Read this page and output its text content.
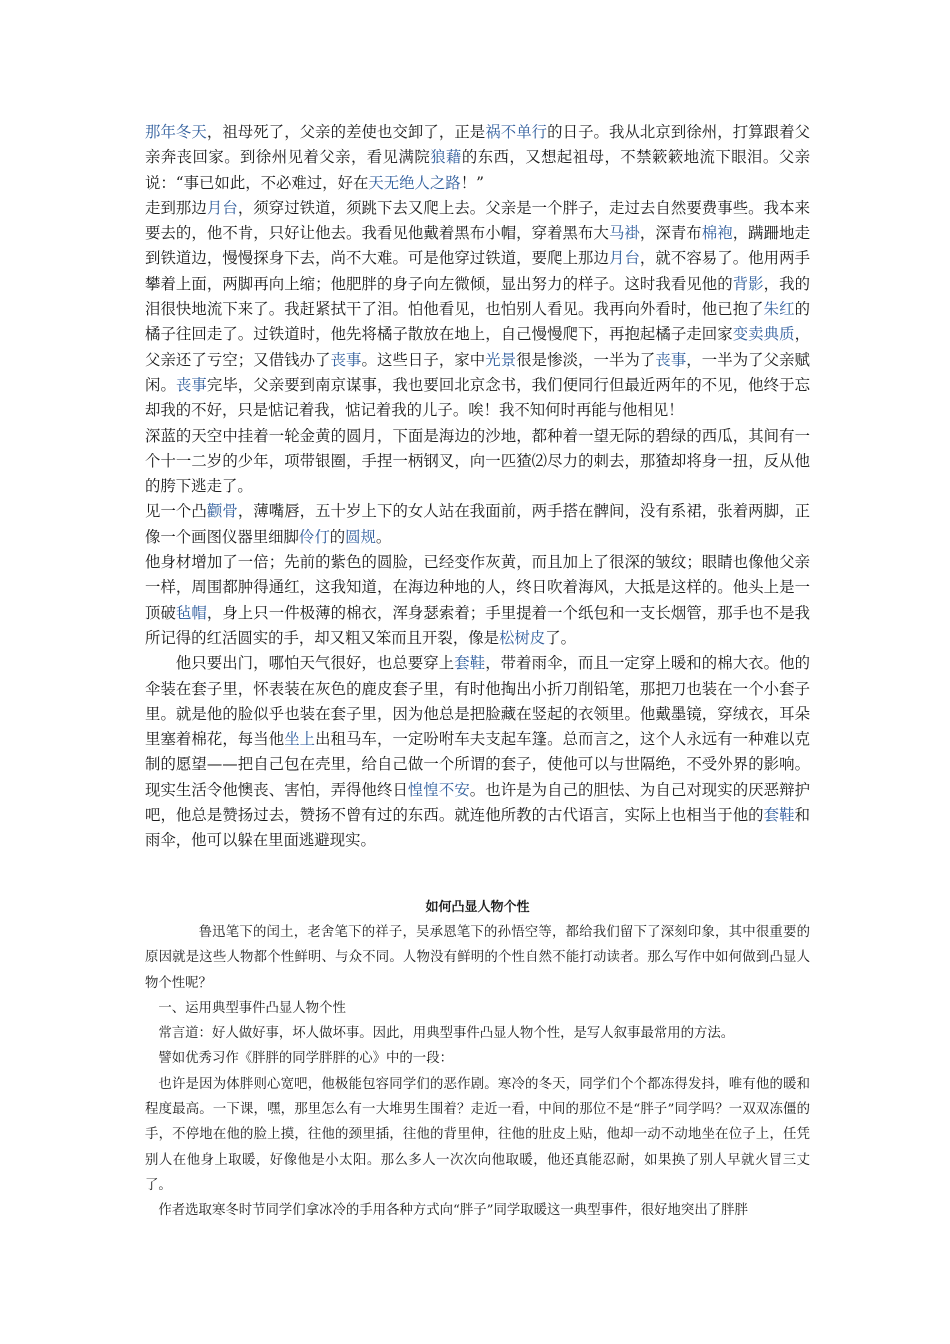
那年冬天，祖母死了，父亲的差使也交卸了，正是祸不单行的日子。我从北京到徐州，打算跟着父亲奔丧回家。到徐州见着父亲，看见满院狼藉的东西，又想起祖母，不禁簌簌地流下眼泪。父亲说：“事已如此，不必难过，好在天无绝人之路！”

走到那边月台，须穿过铁道，须跳下去又爬上去。父亲是一个胖子，走过去自然要费事些。我本来要去的，他不肯，只好让他去。我看见他戴着黑布小帽，穿着黑布大马褂，深青布棉袍，蹒跚地走到铁道边，慢慢探身下去，尚不大难。可是他穿过铁道，要爬上那边月台，就不容易了。他用两手攀着上面，两脚再向上缩；他肥胖的身子向左微倾，显出努力的样子。这时我看见他的背影，我的泪很快地流下来了。我赶紧拭干了泪。怕他看见，也怕别人看见。我再向外看时，他已抱了朱红的橘子往回走了。过铁道时，他先将橘子散放在地上，自己慢慢爬下，再抱起橘子走回家变卖典质，父亲还了亏空；又借钱办了丧事。这些日子，家中光景很是惨淡，一半为了丧事，一半为了父亲赋闲。丧事完毕，父亲要到南京谋事，我也要回北京念书，我们便同行但最近两年的不见，他终于忘却我的不好，只是惦记着我，惦记着我的儿子。唉！我不知何时再能与他相见！

深蓝的天空中挂着一轮金黄的圆月，下面是海边的沙地，都种着一望无际的碧绿的西瓜，其间有一个十一二岁的少年，项带银圈，手捏一柄钢叉，向一匹猹⑵尽力的刺去，那猹却将身一扭，反从他的胯下逃走了。

见一个凸颧骨，薄嘴唇，五十岁上下的女人站在我面前，两手搭在髀间，没有系裙，张着两脚，正像一个画图仪器里细脚伶仃的圆规。

他身材增加了一倍；先前的紫色的圆脸，已经变作灰黄，而且加上了很深的皱纹；眼睛也像他父亲一样，周围都肿得通红，这我知道，在海边种地的人，终日吹着海风，大抵是这样的。他头上是一顶破毡帽，身上只一件极薄的棉衣，浑身瑟索着；手里提着一个纸包和一支长烟管，那手也不是我所记得的红活圆实的手，却又粗又笨而且开裂，像是松树皮了。

他只要出门，哪怕天气很好，也总要穿上套鞋，带着雨伞，而且一定穿上暖和的棉大衣。他的伞装在套子里，怀表装在灰色的鹿皮套子里，有时他掏出小折刀削铅笔，那把刀也装在一个小套子里。就是他的脸似乎也装在套子里，因为他总是把脸藏在竖起的衣领里。他戴墨镜，穿绒衣，耳朵里塞着棉花，每当他坐上出租马车，一定吩咐车夫支起车篷。总而言之，这个人永远有一种难以克制的愿望——把自己包在壳里，给自己做一个所谓的套子，使他可以与世隔绝，不受外界的影响。现实生活令他懊丧、害怕，弄得他终日惶惶不安。也许是为自己的胆怯、为自己对现实的厌恶辩护吧，他总是赞扬过去，赞扬不曾有过的东西。就连他所教的古代语言，实际上也相当于他的套鞋和雨伞，他可以躲在里面逃避现实。

如何凸显人物个性

鲁迅笔下的闰土，老舍笔下的祥子，吴承恩笔下的孙悟空等，都给我们留下了深刻印象，其中很重要的原因就是这些人物都个性鲜明、与众不同。人物没有鲜明的个性自然不能打动读者。那么写作中如何做到凸显人物个性呢？

一、运用典型事件凸显人物个性

常言道：好人做好事，坏人做坏事。因此，用典型事件凸显人物个性，是写人叙事最常用的方法。

譬如优秀习作《胖胖的同学胖胖的心》中的一段：

也许是因为体胖则心宽吧，他极能包容同学们的恶作剧。寒冷的冬天，同学们个个都冻得发抖，唯有他的暖和程度最高。一下课，嘿，那里怎么有一大堆男生围着？走近一看，中间的那位不是“胖子”同学吗？一双双冻僵的手，不停地在他的脸上摸，往他的颈里插，往他的背里伸，往他的肚皮上贴，他却一动不动地坐在位子上，任凭别人在他身上取暖，好像他是小太阳。那么多人一次次向他取暖，他还真能忍耐，如果换了别人早就火冒三丈了。

作者选取寒冬时节同学们拿冰冷的手用各种方式向“胖子”同学取暖这一典型事件，很好地突出了胖胖
